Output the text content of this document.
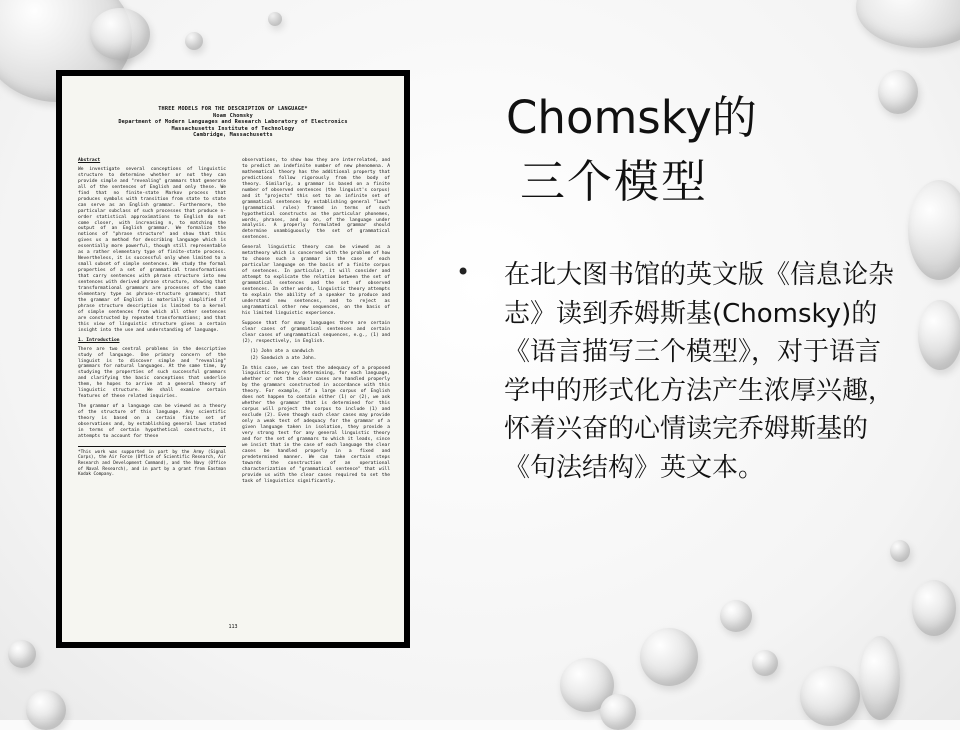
THREE MODELS FOR THE DESCRIPTION OF LANGUAGE*
Noam Chomsky
Department of Modern Languages and Research Laboratory of Electronics
Massachusetts Institute of Technology
Cambridge, Massachusetts
Abstract

We investigate several conceptions of linguistic structure to determine whether or not they can provide simple and "revealing" grammars that generate all of the sentences of English and only these. We find that no finite-state Markov process that produces symbols with transition from state to state can serve as an English grammar. Furthermore, the particular subclass of such processes that produce n-order statistical approximations to English do not come closer, with increasing n, to matching the output of an English grammar. We formalize the notions of "phrase structure" and show that this gives us a method for describing language which is essentially more powerful, though still representable as a rather elementary type of finite-state process. Nevertheless, it is successful only when limited to a small subset of simple sentences. We study the formal properties of a set of grammatical transformations that carry sentences with phrase structure into new sentences with derived phrase structure, showing that transformational grammars are processes of the same elementary type as phrase-structure grammars; that the grammar of English is materially simplified if phrase structure description is limited to a kernel of simple sentences from which all other sentences are constructed by repeated transformations; and that this view of linguistic structure gives a certain insight into the use and understanding of language.

1. Introduction

There are two central problems in the descriptive study of language. One primary concern of the linguist is to discover simple and "revealing" grammars for natural languages. At the same time, by studying the properties of such successful grammars and clarifying the basic conceptions that underlie them, he hopes to arrive at a general theory of linguistic structure. We shall examine certain features of these related inquiries.

The grammar of a language can be viewed as a theory of the structure of this language. Any scientific theory is based on a certain finite set of observations and, by establishing general laws stated in terms of certain hypothetical constructs, it attempts to account for these

*This work was supported in part by the Army (Signal Corps), the Air Force (Office of Scientific Research, Air Research and Development Command), and the Navy (Office of Naval Research), and in part by a grant from Eastman Kodak Company.

observations, to show how they are interrelated, and to predict an indefinite number of new phenomena. A mathematical theory has the additional property that predictions follow rigorously from the body of theory. Similarly, a grammar is based on a finite number of observed sentences (the linguist's corpus) and it "projects" this set to an infinite set of grammatical sentences by establishing general "laws" (grammatical rules) framed in terms of such hypothetical constructs as the particular phonemes, words, phrases, and so on, of the language under analysis. A properly formulated grammar should determine unambiguously the set of grammatical sentences.

General linguistic theory can be viewed as a metatheory which is concerned with the problem of how to choose such a grammar in the case of each particular language on the basis of a finite corpus of sentences. In particular, it will consider and attempt to explicate the relation between the set of grammatical sentences and the set of observed sentences. In other words, linguistic theory attempts to explain the ability of a speaker to produce and understand new sentences, and to reject as ungrammatical other new sequences, on the basis of his limited linguistic experience.

Suppose that for many languages there are certain clear cases of grammatical sentences and certain clear cases of ungrammatical sequences, e.g., (1) and (2), respectively, in English.

(1) John ate a sandwich

(2) Sandwich a ate John.

In this case, we can test the adequacy of a proposed linguistic theory by determining, for each language, whether or not the clear cases are handled properly by the grammars constructed in accordance with this theory. For example, if a large corpus of English does not happen to contain either (1) or (2), we ask whether the grammar that is determined for this corpus will project the corpus to include (1) and exclude (2). Even though such clear cases may provide only a weak test of adequacy for the grammar of a given language taken in isolation, they provide a very strong test for any general linguistic theory and for the set of grammars to which it leads, since we insist that in the case of each language the clear cases be handled properly in a fixed and predetermined manner. We can take certain steps towards the construction of an operational characterization of "grammatical sentence" that will provide us with the clear cases required to set the task of linguistics significantly.

113
Chomsky的
三个模型
• 在北大图书馆的英文版《信息论杂志》读到乔姆斯基(Chomsky)的《语言描写三个模型》，对于语言学中的形式化方法产生浓厚兴趣，怀着兴奋的心情读完乔姆斯基的《句法结构》英文本。
